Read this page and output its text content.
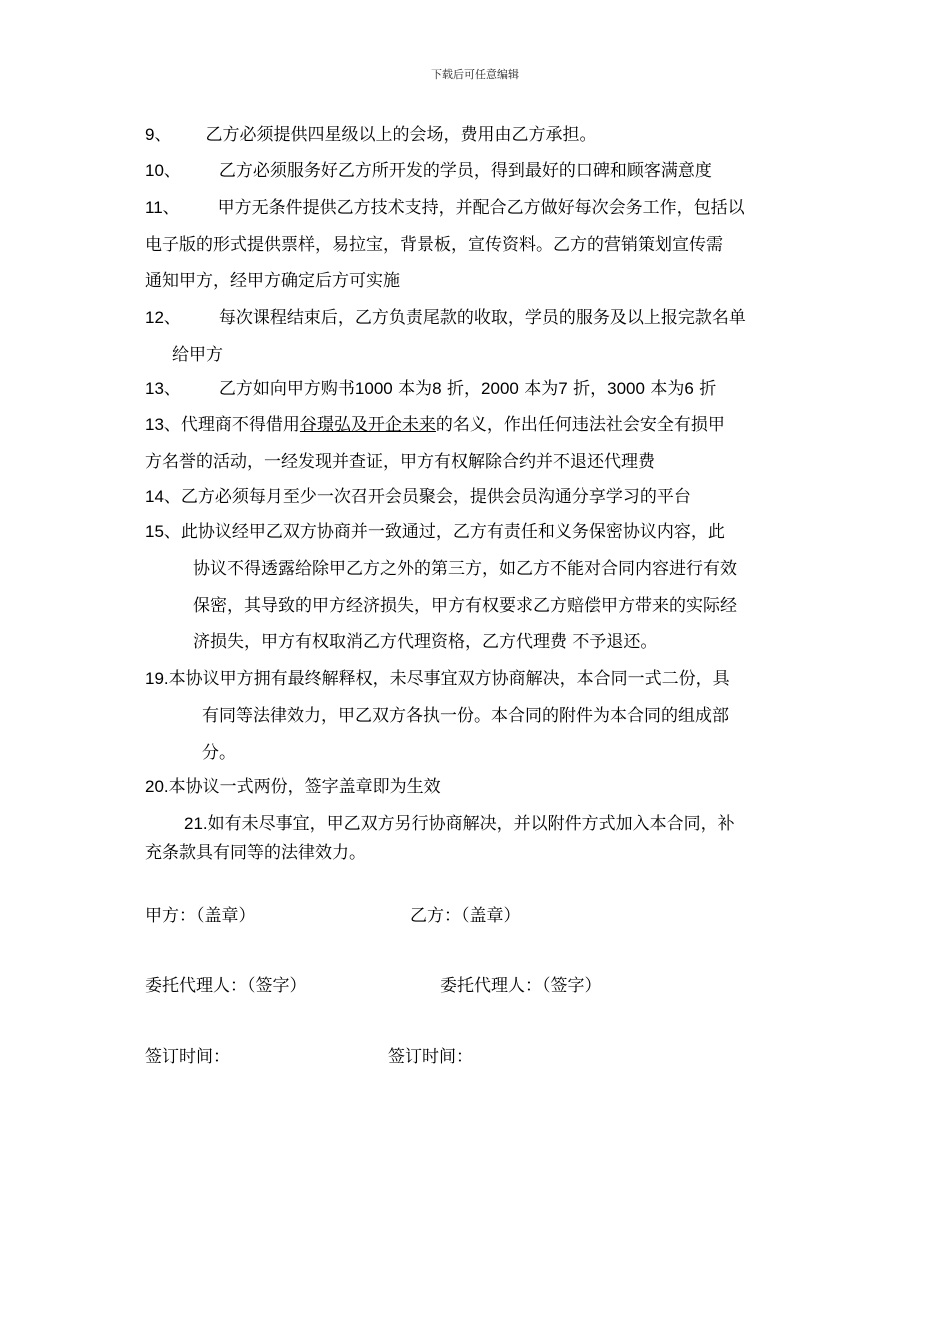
下载后可任意编辑
9、 乙方必须提供四星级以上的会场，费用由乙方承担。
10、 乙方必须服务好乙方所开发的学员，得到最好的口碑和顾客满意度
11、 甲方无条件提供乙方技术支持，并配合乙方做好每次会务工作，包括以
电子版的形式提供票样，易拉宝，背景板，宣传资料。乙方的营销策划宣传需
通知甲方，经甲方确定后方可实施
12、 每次课程结束后，乙方负责尾款的收取，学员的服务及以上报完款名单
给甲方
13、 乙方如向甲方购书1000 本为8 折，2000 本为7 折，3000 本为6 折
13、代理商不得借用谷璟弘及开企未来的名义，作出任何违法社会安全有损甲
方名誉的活动，一经发现并查证，甲方有权解除合约并不退还代理费
14、乙方必须每月至少一次召开会员聚会，提供会员沟通分享学习的平台
15、此协议经甲乙双方协商并一致通过，乙方有责任和义务保密协议内容，此
协议不得透露给除甲乙方之外的第三方，如乙方不能对合同内容进行有效
保密，其导致的甲方经济损失，甲方有权要求乙方赔偿甲方带来的实际经
济损失，甲方有权取消乙方代理资格，乙方代理费 不予退还。
19.本协议甲方拥有最终解释权，未尽事宜双方协商解决，本合同一式二份，具
有同等法律效力，甲乙双方各执一份。本合同的附件为本合同的组成部
分。
20.本协议一式两份，签字盖章即为生效
21.如有未尽事宜，甲乙双方另行协商解决，并以附件方式加入本合同，补
充条款具有同等的法律效力。
甲方：（盖章）	乙方：（盖章）
委托代理人：（签字）	委托代理人：（签字）
签订时间：	签订时间：
